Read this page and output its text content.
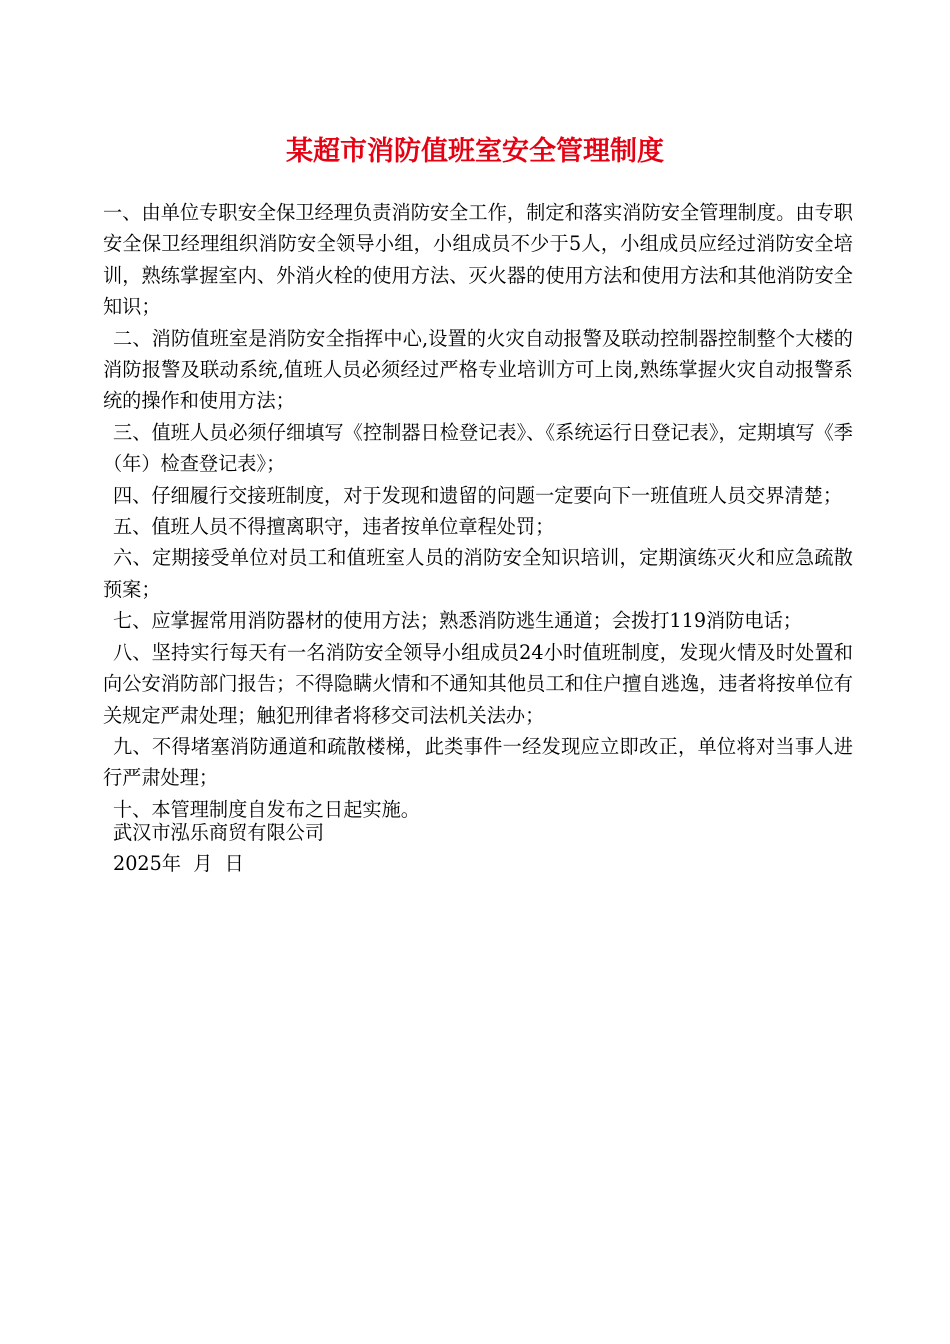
某超市消防值班室安全管理制度

一、由单位专职安全保卫经理负责消防安全工作，制定和落实消防安全管理制度。由专职安全保卫经理组织消防安全领导小组，小组成员不少于5人，小组成员应经过消防安全培训，熟练掌握室内、外消火栓的使用方法、灭火器的使用方法和使用方法和其他消防安全知识；

二、消防值班室是消防安全指挥中心,设置的火灾自动报警及联动控制器控制整个大楼的消防报警及联动系统,值班人员必须经过严格专业培训方可上岗,熟练掌握火灾自动报警系统的操作和使用方法；

三、值班人员必须仔细填写《控制器日检登记表》、《系统运行日登记表》，定期填写《季（年）检查登记表》；

四、仔细履行交接班制度，对于发现和遗留的问题一定要向下一班值班人员交界清楚；

五、值班人员不得擅离职守，违者按单位章程处罚；

六、定期接受单位对员工和值班室人员的消防安全知识培训，定期演练灭火和应急疏散预案；

七、应掌握常用消防器材的使用方法；熟悉消防逃生通道；会拨打119消防电话；

八、坚持实行每天有一名消防安全领导小组成员24小时值班制度，发现火情及时处置和向公安消防部门报告；不得隐瞒火情和不通知其他员工和住户擅自逃逸，违者将按单位有关规定严肃处理；触犯刑律者将移交司法机关法办；

九、不得堵塞消防通道和疏散楼梯，此类事件一经发现应立即改正，单位将对当事人进行严肃处理；

十、本管理制度自发布之日起实施。

武汉市泓乐商贸有限公司

2025年  月  日
